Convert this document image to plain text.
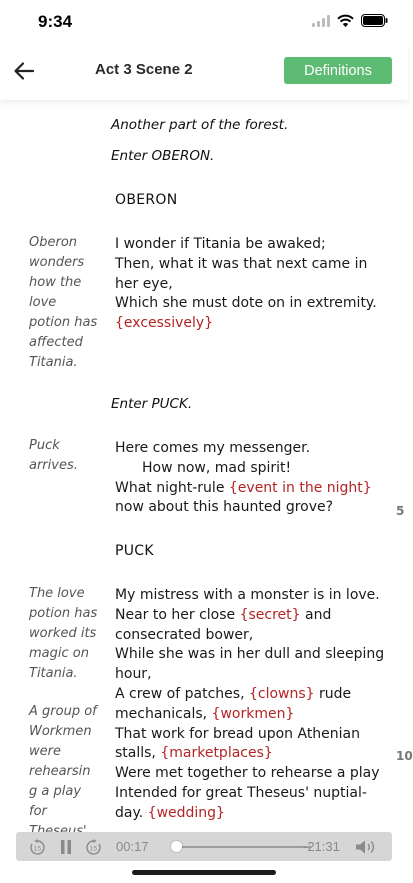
9:34
Act 3 Scene 2	Definitions
Another part of the forest.
Enter OBERON.
OBERON
Oberon
wonders
how the
love
potion has
affected
Titania.
I wonder if Titania be awaked;
Then, what it was that next came in
her eye,
Which she must dote on in extremity.
{excessively}
Enter PUCK.
Puck
arrives.
Here comes my messenger.
How now, mad spirit!
What night-rule {event in the night}
now about this haunted grove?	5
PUCK
The love
potion has
worked its
magic on
Titania.
A group of
Workmen
were
rehearsin
g a play
for
My mistress with a monster is in love.
Near to her close {secret} and
consecrated bower,
While she was in her dull and sleeping
hour,
A crew of patches, {clowns} rude
mechanicals, {workmen}
That work for bread upon Athenian
stalls, {marketplaces}
Were met together to rehearse a play
Intended for great Theseus' nuptial-
day. {wedding}
10
15	15 00:17	-21:31
